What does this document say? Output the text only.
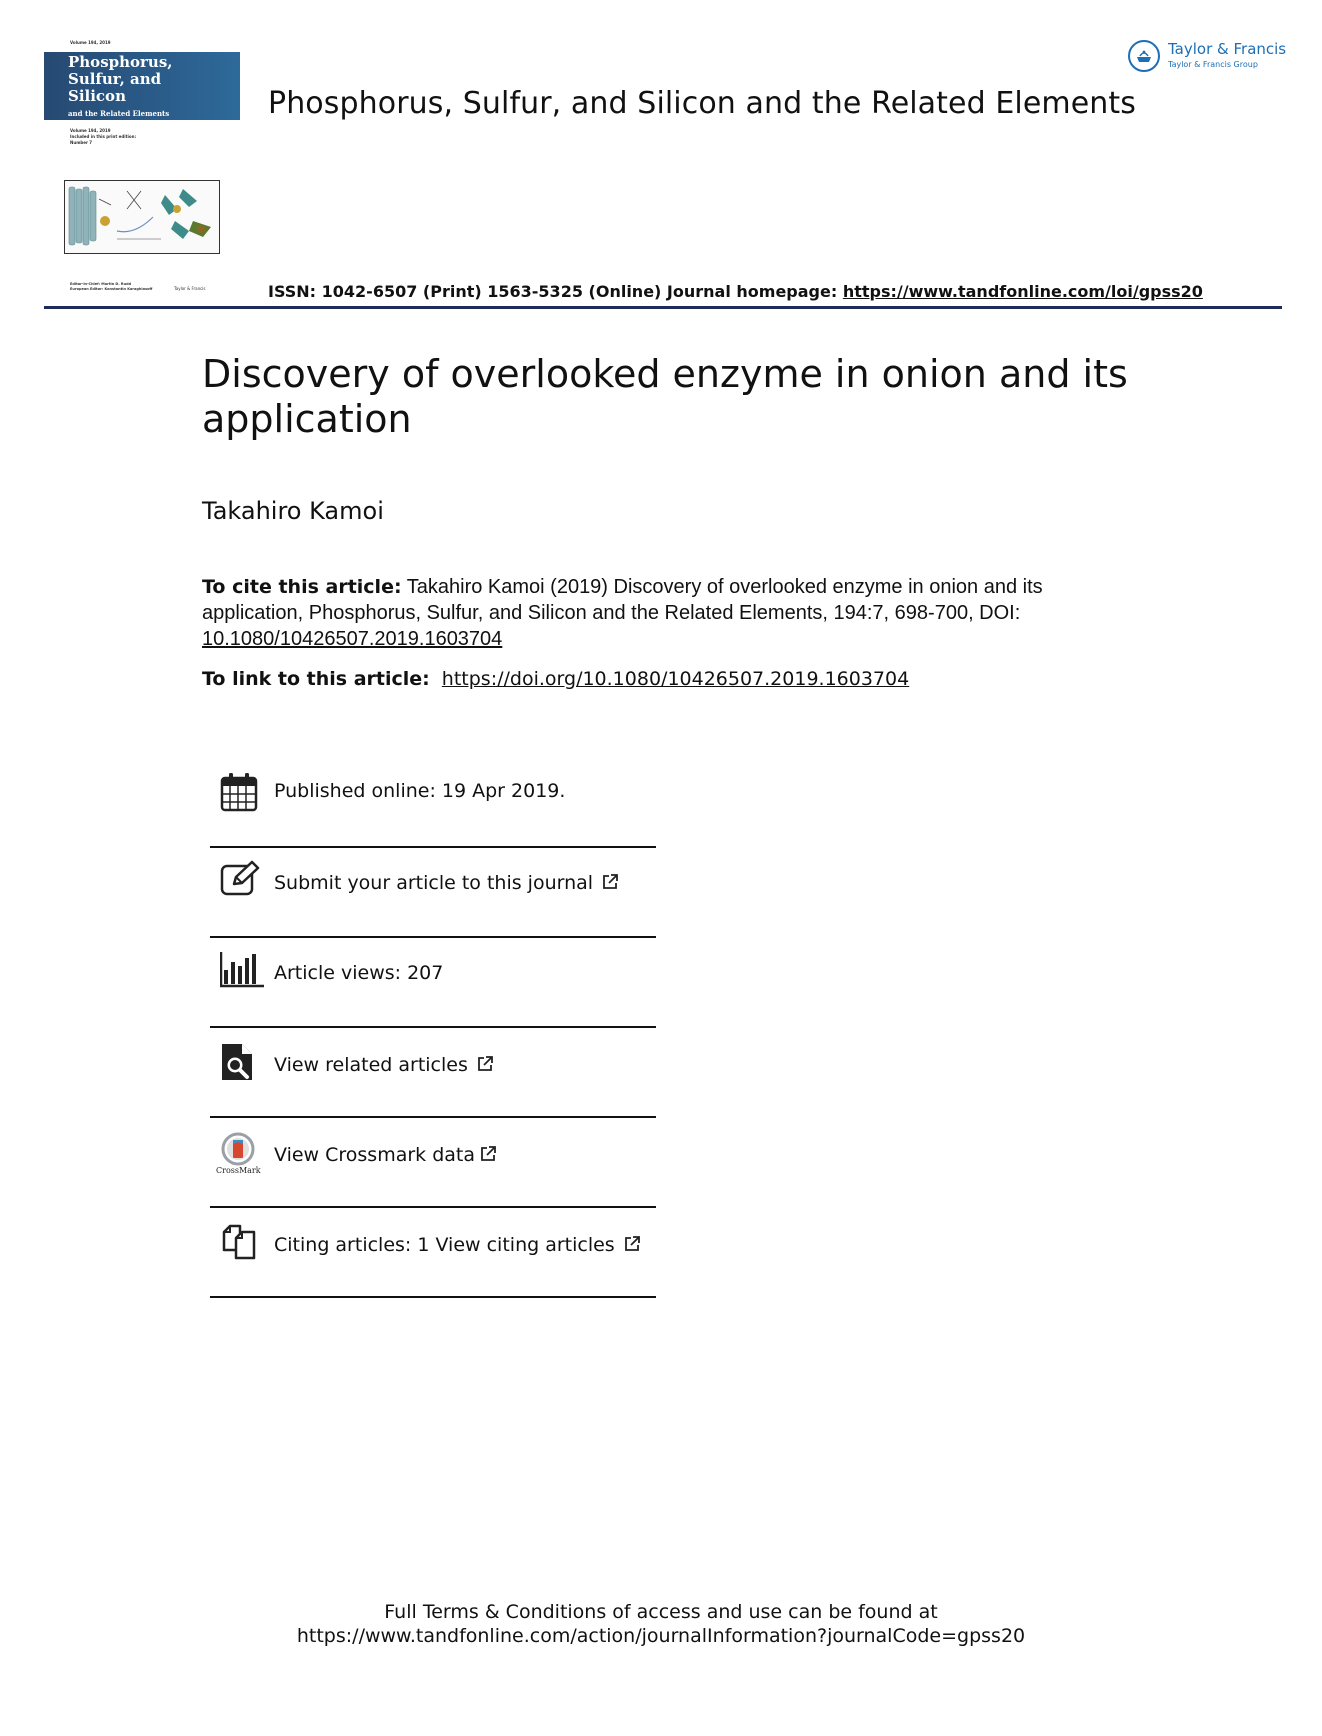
Volume 194, 2019
Phosphorus,
Sulfur, and
Silicon
and the Related Elements
Volume 194, 2019
Included in this print edition:
Number 7
Editor-in-Chief: Martin D. Rudd
European Editor: Konstantin Karaghiosoff	Taylor & Francis
Taylor & Francis
Taylor & Francis Group
Phosphorus, Sulfur, and Silicon and the Related Elements
ISSN: 1042-6507 (Print) 1563-5325 (Online) Journal homepage: https://www.tandfonline.com/loi/gpss20
Discovery of overlooked enzyme in onion and its application
Takahiro Kamoi
To cite this article: Takahiro Kamoi (2019) Discovery of overlooked enzyme in onion and its application, Phosphorus, Sulfur, and Silicon and the Related Elements, 194:7, 698-700, DOI: 10.1080/10426507.2019.1603704
To link to this article: https://doi.org/10.1080/10426507.2019.1603704
Published online: 19 Apr 2019.
Submit your article to this journal
Article views: 207
View related articles
CrossMark
View Crossmark data
Citing articles: 1 View citing articles
Full Terms & Conditions of access and use can be found at
https://www.tandfonline.com/action/journalInformation?journalCode=gpss20
